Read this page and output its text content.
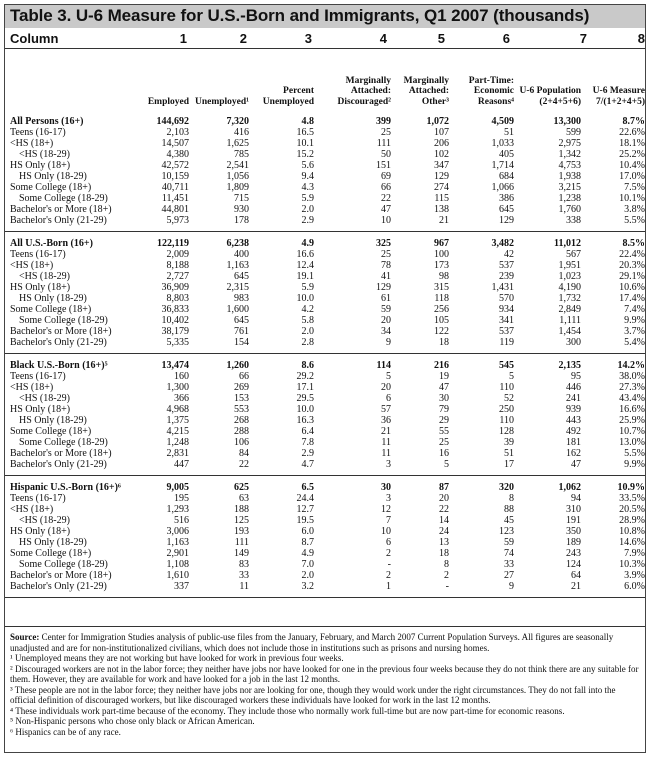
Table 3. U-6 Measure for U.S.-Born and Immigrants, Q1 2007 (thousands)
Column	1	2	3	4	5	6	7	8
	Employed	Unemployed¹	Percent Unemployed	Marginally Attached: Discouraged²	Marginally Attached: Other³	Part-Time: Economic Reasons⁴	U-6 Population (2+4+5+6)	U-6 Measure 7/(1+2+4+5)

All Persons (16+)	144,692	7,320	4.8	399	1,072	4,509	13,300	8.7%
Teens (16-17)	2,103	416	16.5	25	107	51	599	22.6%
<HS (18+)	14,507	1,625	10.1	111	206	1,033	2,975	18.1%
<HS (18-29)	4,380	785	15.2	50	102	405	1,342	25.2%
HS Only (18+)	42,572	2,541	5.6	151	347	1,714	4,753	10.4%
HS Only (18-29)	10,159	1,056	9.4	69	129	684	1,938	17.0%
Some College (18+)	40,711	1,809	4.3	66	274	1,066	3,215	7.5%
Some College (18-29)	11,451	715	5.9	22	115	386	1,238	10.1%
Bachelor's or More (18+)	44,801	930	2.0	47	138	645	1,760	3.8%
Bachelor's Only (21-29)	5,973	178	2.9	10	21	129	338	5.5%

All U.S.-Born (16+)	122,119	6,238	4.9	325	967	3,482	11,012	8.5%
Teens (16-17)	2,009	400	16.6	25	100	42	567	22.4%
<HS (18+)	8,188	1,163	12.4	78	173	537	1,951	20.3%
<HS (18-29)	2,727	645	19.1	41	98	239	1,023	29.1%
HS Only (18+)	36,909	2,315	5.9	129	315	1,431	4,190	10.6%
HS Only (18-29)	8,803	983	10.0	61	118	570	1,732	17.4%
Some College (18+)	36,833	1,600	4.2	59	256	934	2,849	7.4%
Some College (18-29)	10,402	645	5.8	20	105	341	1,111	9.9%
Bachelor's or More (18+)	38,179	761	2.0	34	122	537	1,454	3.7%
Bachelor's Only (21-29)	5,335	154	2.8	9	18	119	300	5.4%

Black U.S.-Born (16+)⁵	13,474	1,260	8.6	114	216	545	2,135	14.2%
Teens (16-17)	160	66	29.2	5	19	5	95	38.0%
<HS (18+)	1,300	269	17.1	20	47	110	446	27.3%
<HS (18-29)	366	153	29.5	6	30	52	241	43.4%
HS Only (18+)	4,968	553	10.0	57	79	250	939	16.6%
HS Only (18-29)	1,375	268	16.3	36	29	110	443	25.9%
Some College (18+)	4,215	288	6.4	21	55	128	492	10.7%
Some College (18-29)	1,248	106	7.8	11	25	39	181	13.0%
Bachelor's or More (18+)	2,831	84	2.9	11	16	51	162	5.5%
Bachelor's Only (21-29)	447	22	4.7	3	5	17	47	9.9%

Hispanic U.S.-Born (16+)⁶	9,005	625	6.5	30	87	320	1,062	10.9%
Teens (16-17)	195	63	24.4	3	20	8	94	33.5%
<HS (18+)	1,293	188	12.7	12	22	88	310	20.5%
<HS (18-29)	516	125	19.5	7	14	45	191	28.9%
HS Only (18+)	3,006	193	6.0	10	24	123	350	10.8%
HS Only (18-29)	1,163	111	8.7	6	13	59	189	14.6%
Some College (18+)	2,901	149	4.9	2	18	74	243	7.9%
Some College (18-29)	1,108	83	7.0	-	8	33	124	10.3%
Bachelor's or More (18+)	1,610	33	2.0	2	2	27	64	3.9%
Bachelor's Only (21-29)	337	11	3.2	1	-	9	21	6.0%

Source: Center for Immigration Studies analysis of public-use files from the January, February, and March 2007 Current Population Surveys. All figures are seasonally unadjusted and are for non-institutionalized civilians, which does not include those in institutions such as prisons and nursing homes.

¹ Unemployed means they are not working but have looked for work in previous four weeks.

² Discouraged workers are not in the labor force; they neither have jobs nor have looked for one in the previous four weeks because they do not think there are any suitable for them. However, they are available for work and have looked for a job in the last 12 months.

³ These people are not in the labor force; they neither have jobs nor are looking for one, though they would work under the right circumstances. They do not fall into the official definition of discouraged workers, but like discouraged workers these individuals have looked for work in the last 12 months.

⁴ These individuals work part-time because of the economy. They include those who normally work full-time but are now part-time for economic reasons.

⁵ Non-Hispanic persons who chose only black or African American.

⁶ Hispanics can be of any race.
